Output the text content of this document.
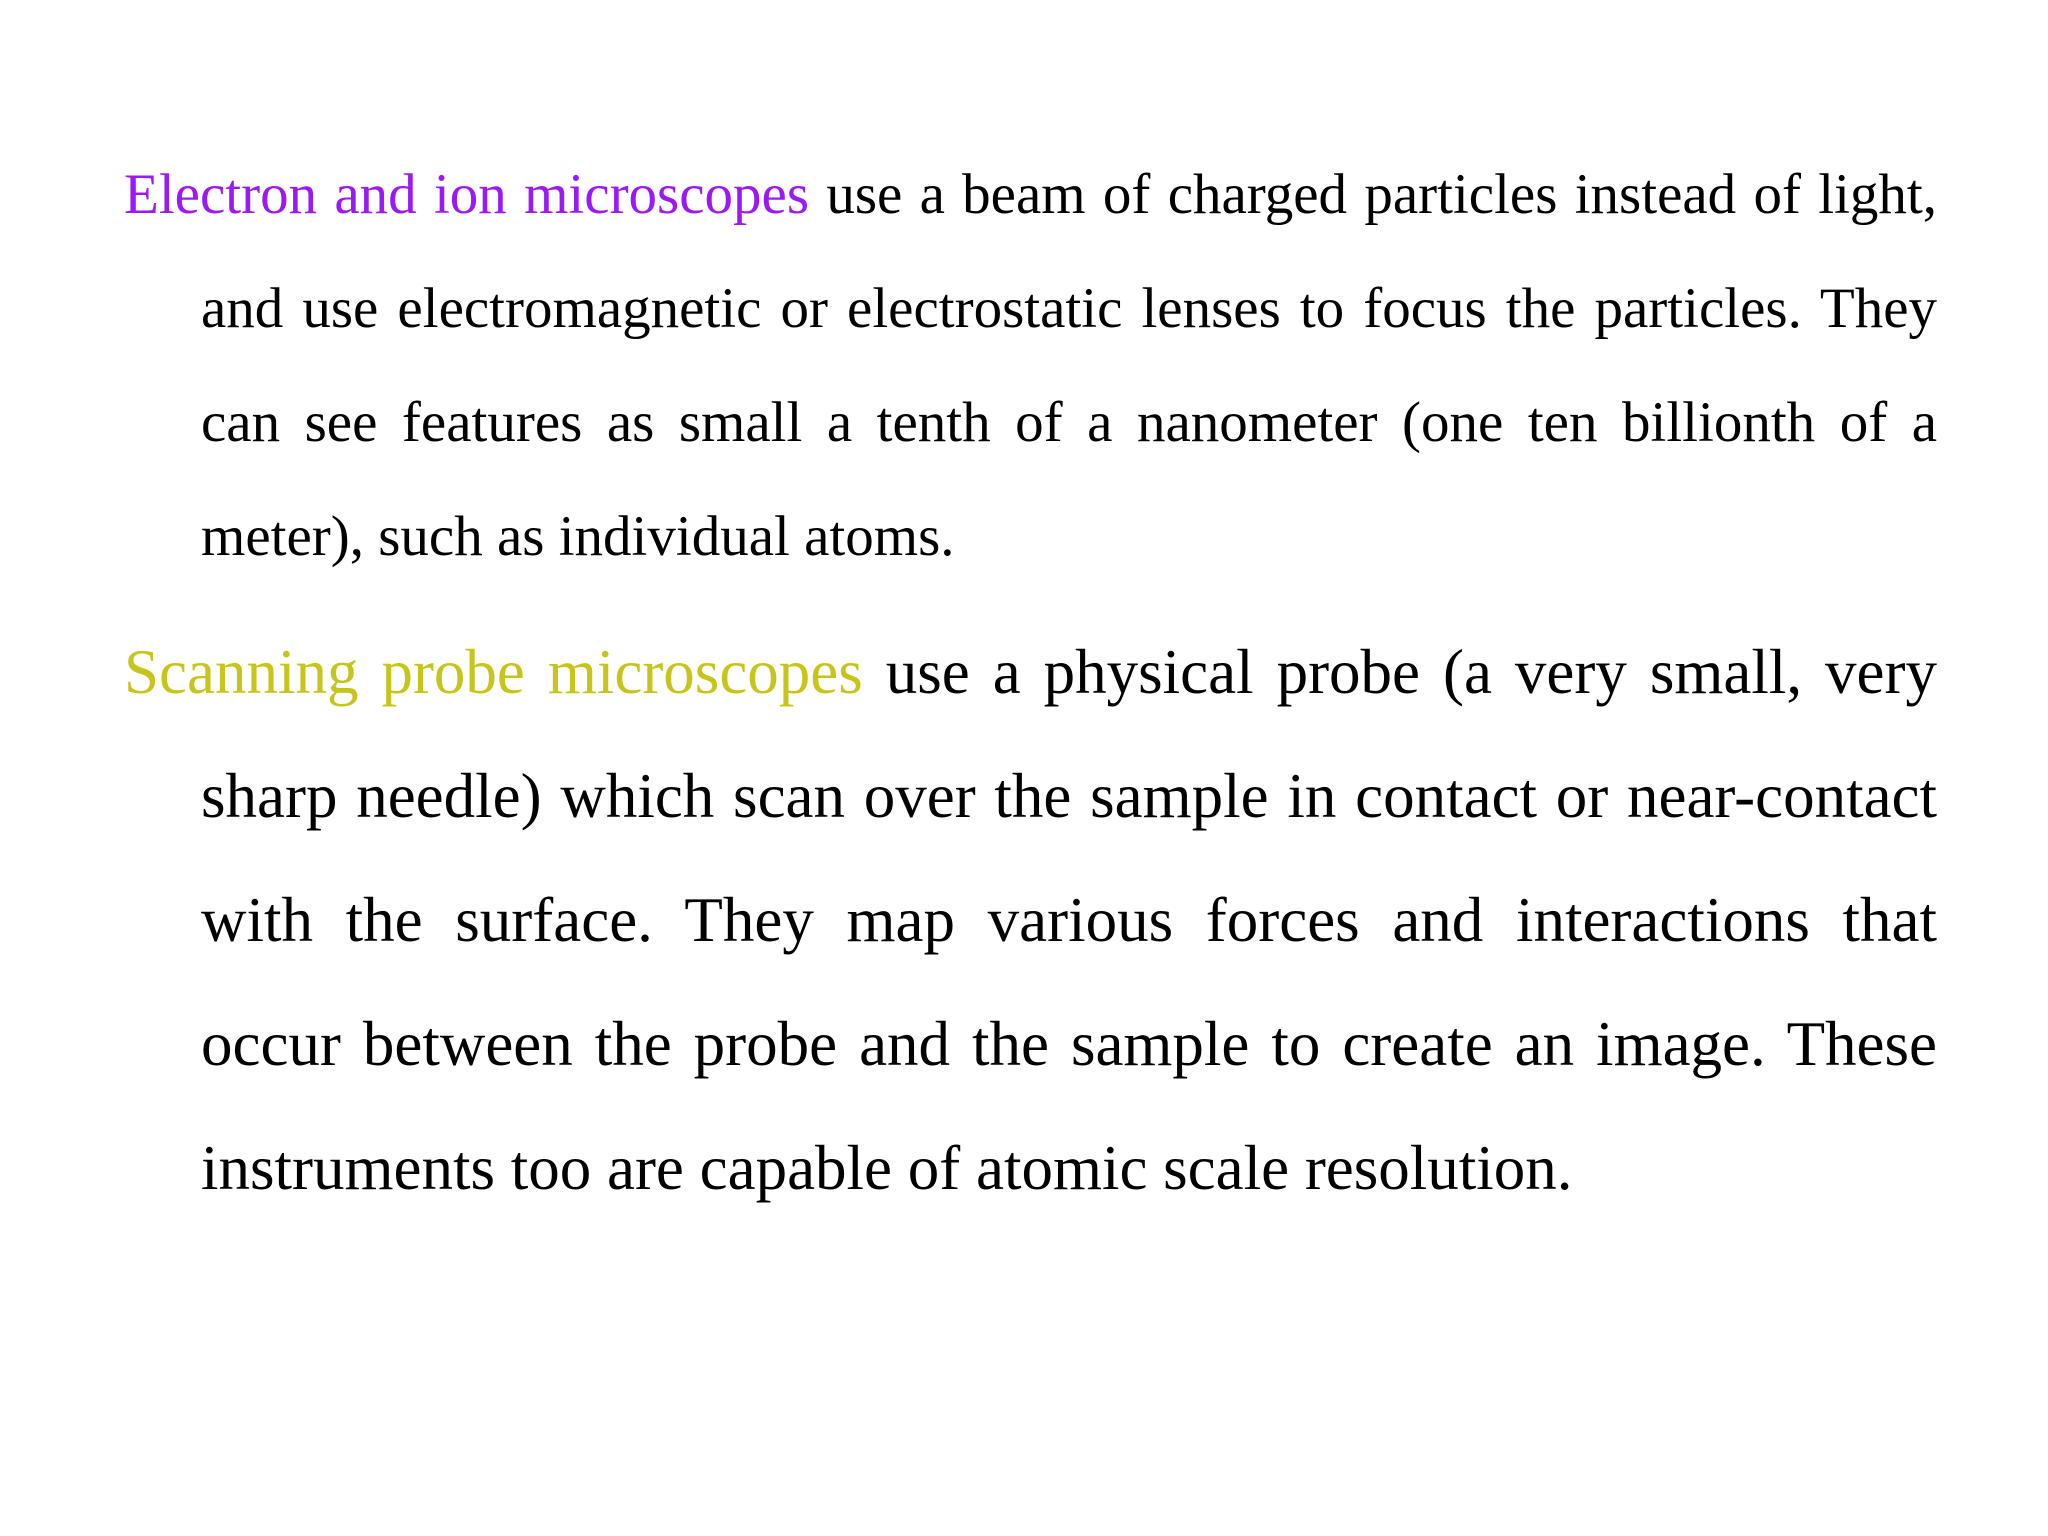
Electron and ion microscopes use a beam of charged particles instead of light, and use electromagnetic or electrostatic lenses to focus the particles. They can see features as small a tenth of a nanometer (one ten billionth of a meter), such as individual atoms.

Scanning probe microscopes use a physical probe (a very small, very sharp needle) which scan over the sample in contact or near-contact with the surface. They map various forces and interactions that occur between the probe and the sample to create an image. These instruments too are capable of atomic scale resolution.
